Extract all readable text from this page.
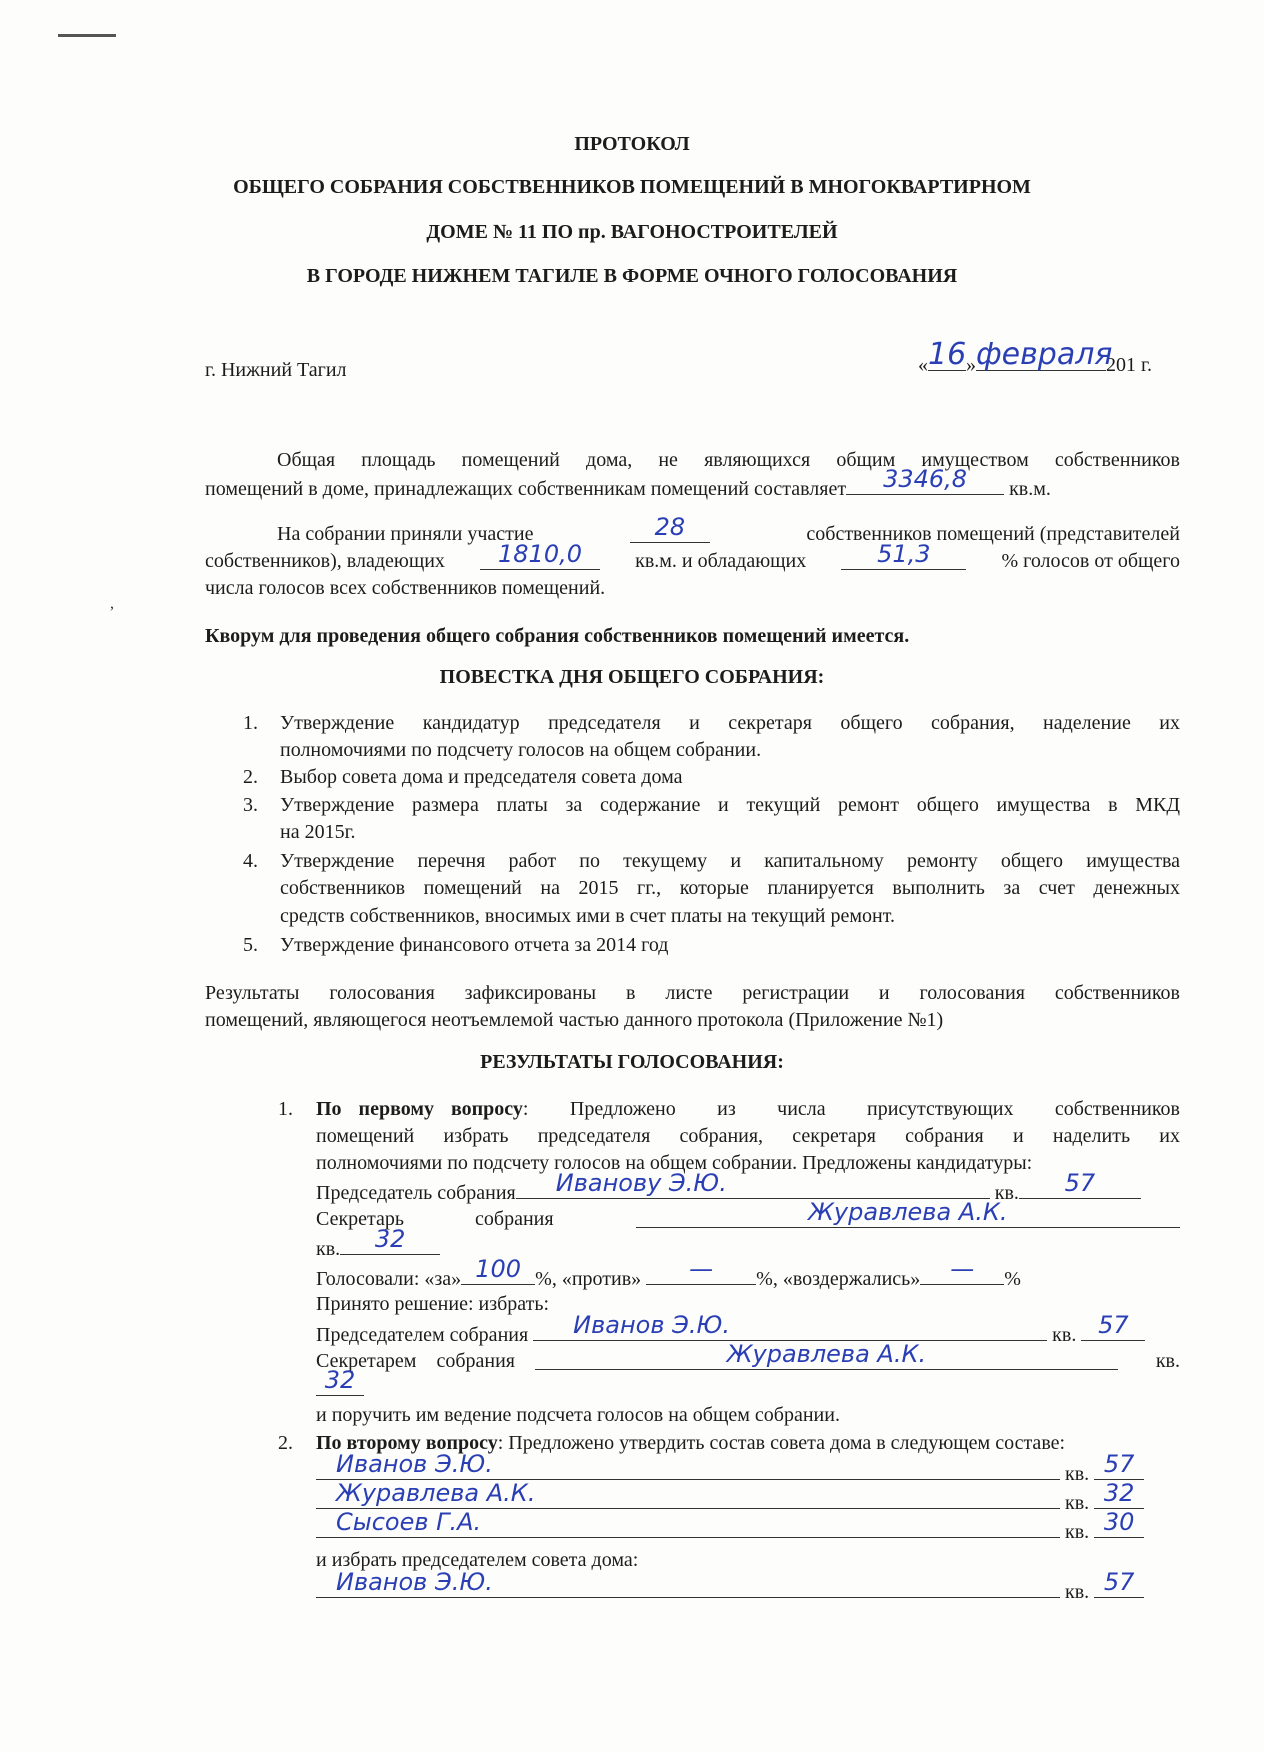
ПРОТОКОЛ
ОБЩЕГО СОБРАНИЯ СОБСТВЕННИКОВ ПОМЕЩЕНИЙ В МНОГОКВАРТИРНОМ
ДОМЕ № 11 ПО пр. ВАГОНОСТРОИТЕЛЕЙ
В ГОРОДЕ НИЖНЕМ ТАГИЛЕ В ФОРМЕ ОЧНОГО ГОЛОСОВАНИЯ
г. Нижний Тагил	« 16 » февраля
201 г.
Общая площадь помещений дома, не являющихся общим имуществом собственников
помещений в доме, принадлежащих собственникам помещений составляет	3346,8	кв.м.
На собрании приняли участие	28	собственников помещений (представителей
собственников), владеющих	1810,0	кв.м. и обладающих	51,3	% голосов от общего
числа голосов всех собственников помещений.
,
Кворум для проведения общего собрания собственников помещений имеется.
ПОВЕСТКА ДНЯ ОБЩЕГО СОБРАНИЯ:
1. Утверждение кандидатур председателя и секретаря общего собрания, наделение их
полномочиями по подсчету голосов на общем собрании.
2. Выбор совета дома и председателя совета дома
3. Утверждение размера платы за содержание и текущий ремонт общего имущества в МКД
на 2015г.
4. Утверждение перечня работ по текущему и капитальному ремонту общего имущества
собственников помещений на 2015 гг., которые планируется выполнить за счет денежных
средств собственников, вносимых ими в счет платы на текущий ремонт.
5. Утверждение финансового отчета за 2014 год
Результаты голосования зафиксированы в листе регистрации и голосования собственников
помещений, являющегося неотъемлемой частью данного протокола (Приложение №1)
РЕЗУЛЬТАТЫ ГОЛОСОВАНИЯ:
1. По первому вопросу : Предложено из числа присутствующих собственников
помещений избрать председателя собрания, секретаря собрания и наделить их
полномочиями по подсчету голосов на общем собрании. Предложены кандидатуры:
Председатель собрания	Иванову Э.Ю.	кв.	57
Секретарь	собрания	Журавлева А.К.
кв.	32
Голосовали: «за» 100 %, «против»	—	%, «воздержались»	—	%
Принято решение: избрать:
Председателем собрания	Иванов Э.Ю.	кв. 57
Секретарем собрания	Журавлева А.К.	кв.
32
и поручить им ведение подсчета голосов на общем собрании.
2. По второму вопросу: Предложено утвердить состав совета дома в следующем составе:
Иванов Э.Ю.	кв. 57
Журавлева А.К.	кв. 32
Сысоев Г.А.	кв. 30
и избрать председателем совета дома:
Иванов Э.Ю.	кв. 57
